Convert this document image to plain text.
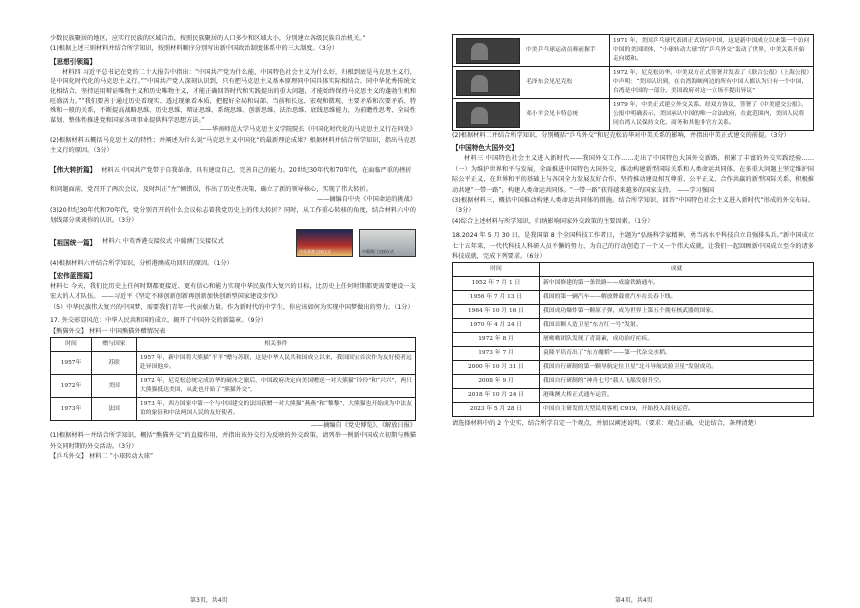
少数民族聚居的地区，应实行民族的区域自治，按照民族聚居的人口多少和区域大小，分别建立各级民族自治机关。”

(1)根据上述三则材料并结合所学知识，按照材料顺序分别写出新中国政治制度体系中的三大制度。（3分）

【思想引领篇】

材料四 习近平总书记在党的二十大报告中指出：“中国共产党为什么能，中国特色社会主义为什么好，归根到底是马克思主义行，是中国化时代化的马克思主义行。”“中国共产党人深刻认识到，只有把马克思主义基本原理同中国具体实际相结合、同中华优秀传统文化相结合，坚持运用辩证唯物主义和历史唯物主义，才能正确回答时代和实践提出的重大问题，才能始终保持马克思主义的蓬勃生机和旺盛活力。”“我们要善于通过历史看现实、透过现象看本质，把握好全局和局部、当前和长远、宏观和微观、主要矛盾和次要矛盾、特殊和一般的关系，不断提高战略思维、历史思维、辩证思维、系统思维、创新思维、法治思维、底线思维能力，为前瞻性思考、全局性谋划、整体性推进党和国家各项事业提供科学思想方法。”

——华南师范大学马克思主义学院院长《中国化时代化的马克思主义行在何处》

(2)根据材料五概括马克思主义的特性；并阐述为什么说“马克思主义中国化”的最新理论成果？根据材料并结合所学知识，指出马克思主义行的原因。（3分）

【伟大转折篇】

材料五 中国共产党带于自我革命，具有建设自己，完善自己的能力。20世纪30年代和70年代，在面临严重的挫折和问题面前，党召开了两次会议，及时纠正“左”倾错误，作出了历史性决策，确立了新的领导核心，实现了伟大转折。

——摘编自中央《中国命运的挑战》

(3)20世纪30年代和70年代，党分别召开的什么会议标志着我党历史上的伟大转折？同时，从工作重心转移的角度，结合材料六中的划线部分谈谈你的认识。（3分）

【祖国统一篇】 材料六 中英香港交接仪式 中葡澳门交接仪式
中英香港交接仪式	中葡澳门交接仪式

(4)根据材料六并结合所学知识，分析港澳成功回归的原因。（1分）

【宏伟蓝图篇】

材料七 今天，我们比历史上任何时期都更接近、更有信心和能力实现中华民族伟大复兴的目标，比历史上任何时期都更需要建设一支宏大的人才队伍。 ——习近平《坚定不移创新创新再创新加快创新型国家建设步伐》

（5）中华民族伟大复兴的中国梦，需要我们青年一代贡献力量。作为新时代的中学生，你应该如何为实现中国梦做出的努力。（1分）

17. 外交彰显风范：中华人民共和国的成立，揭开了中国外交的新篇章。（9分）

【熊猫外交】 材料一 中国熊猫外赠情况表

时间	赠与国家	相关事件
1957年	苏联	1957 年，新中国将大熊猫“平平”赠与苏联，这是中华人民共和国成立以来，我国国宝首次作为友好使者远赴异国他乡。
1972年	美国	1972 年，尼克松总统完成访华的破冰之旅后，中国政府决定向美国赠送一对大熊猫“玲玲”和“兴兴”，两只大熊猫抵达美国，从此也开始了“熊猫外交”。
1973年	法国	1973 年，西方国家中第一个与中国建交的法国获赠一对大熊猫“燕燕”和“黎黎”，大熊猫也开始成为中法友谊的象征和中法两国人民的友好使者。

——摘编自《党史博览》、《解放日报》

(1)根据材料一并结合所学知识，概括“熊猫外交”的直接作用，并指出该外交行为反映的外交政策。请列举一例新中国成立初期与熊猫外交同时期的外交活动。（3分）

【乒乓外交】 材料二 “小球转动大球”

第3页，共4页
中美乒乓球运动员赛前握手	1971 年，美国乒乓球代表团正式访问中国，这是新中国成立以来第一个访问中国的美国团体，“小球转动大球”的“乒乓外交”轰动了世界，中美关系开始走向缓和。

毛泽东会见尼克松	1972 年，尼克松访华。中美双方正式签署并发表了《联合公报》（上海公报）中声明：“美国认识到，在台湾海峡两边的所有中国人都认为只有一个中国，台湾是中国的一部分。美国政府对这一立场不提出异议”

邓小平会见卡特总统	1979 年，中美正式建立外交关系。经双方协议，签署了《中美建交公报》。公报中明确表示，美国承认中国的唯一合法政府，在此范围内，美国人民将同台湾人民保持文化、商务和其他非官方关系。

(2)根据材料二并结合所学知识，分别概括“乒乓外交”和尼克松访华对中美关系的影响，并指出中美正式建交的前提。（3分）

【中国特色大国外交】

材料三 中国特色社会主义进入新时代——我国外交工作……走出了中国特色大国外交新路，积累了丰富的外交实践经验……（一）为维护世界和平与发展，全面推进中国特色大国外交，推动构建新型国际关系和人类命运共同体。在多重大问题上坚定维护国际公平正义，在世界和平的基础上与各国全力发展友好合作，坚持推动建设相互尊重、公平正义、合作共赢的新型国际关系，积极推动共建“一带一路”，构建人类命运共同体。“一带一路”获得越来越多的国家支持。 ——学习强国

(3)根据材料三，概括中国推动构建人类命运共同体的措施。结合所学知识，回答“中国特色社会主义进入新时代”形成的外交布局。（3分）

(4)综合上述材料与所学知识，归纳影响国家外交政策的主要因素。（1分）

18.2024 年 5 月 30 日，是我国第 8 个全国科技工作者日，主题为“弘扬科学家精神，勇当高水平科技自立自强排头兵。”新中国成立七十五年来，一代代科技人科研人员不懈的努力，为自己的行动创造了一个又一个伟大成就。让我们一起回顾新中国成立至今的诸多科技成就，完成下列要求。（6分）

时间	成就
1952 年 7 月 1 日	新中国修建的第一条铁路——成渝铁路通车。
1956 年 7 月 13 日	我国的第一辆汽车——解放牌载重汽车在长春下线。
1964 年 10 月 16 日	我国成功爆炸第一颗原子弹，成为世界上第五个拥有核武器的国家。
1970 年 4 月 24 日	我国首颗人造卫星“东方红一号”发射。
1972 年 8 月	屠呦呦团队发现了青蒿素，成功治疗疟疾。
1973 年 7 月	袁隆平培育出了“东方魔稻”——第一代杂交水稻。
2000 年 10 月 31 日	我国自行研制的第一颗导航定位卫星“北斗导航试验卫星”发射成功。
2008 年 9 月	我国自行研制的“神舟七号”载人飞船发射升空。
2018 年 10 月 24 日	港珠澳大桥正式通车运营。
2023 年 5 月 28 日	中国自主研发的大型民用客机 C919，开始投入商业运营。

请选择材料中的 2 个史实，结合所学自定一个观点，并加以阐述说明。（要求：观点正确，史论结合，条理清楚）

第4页，共4页
